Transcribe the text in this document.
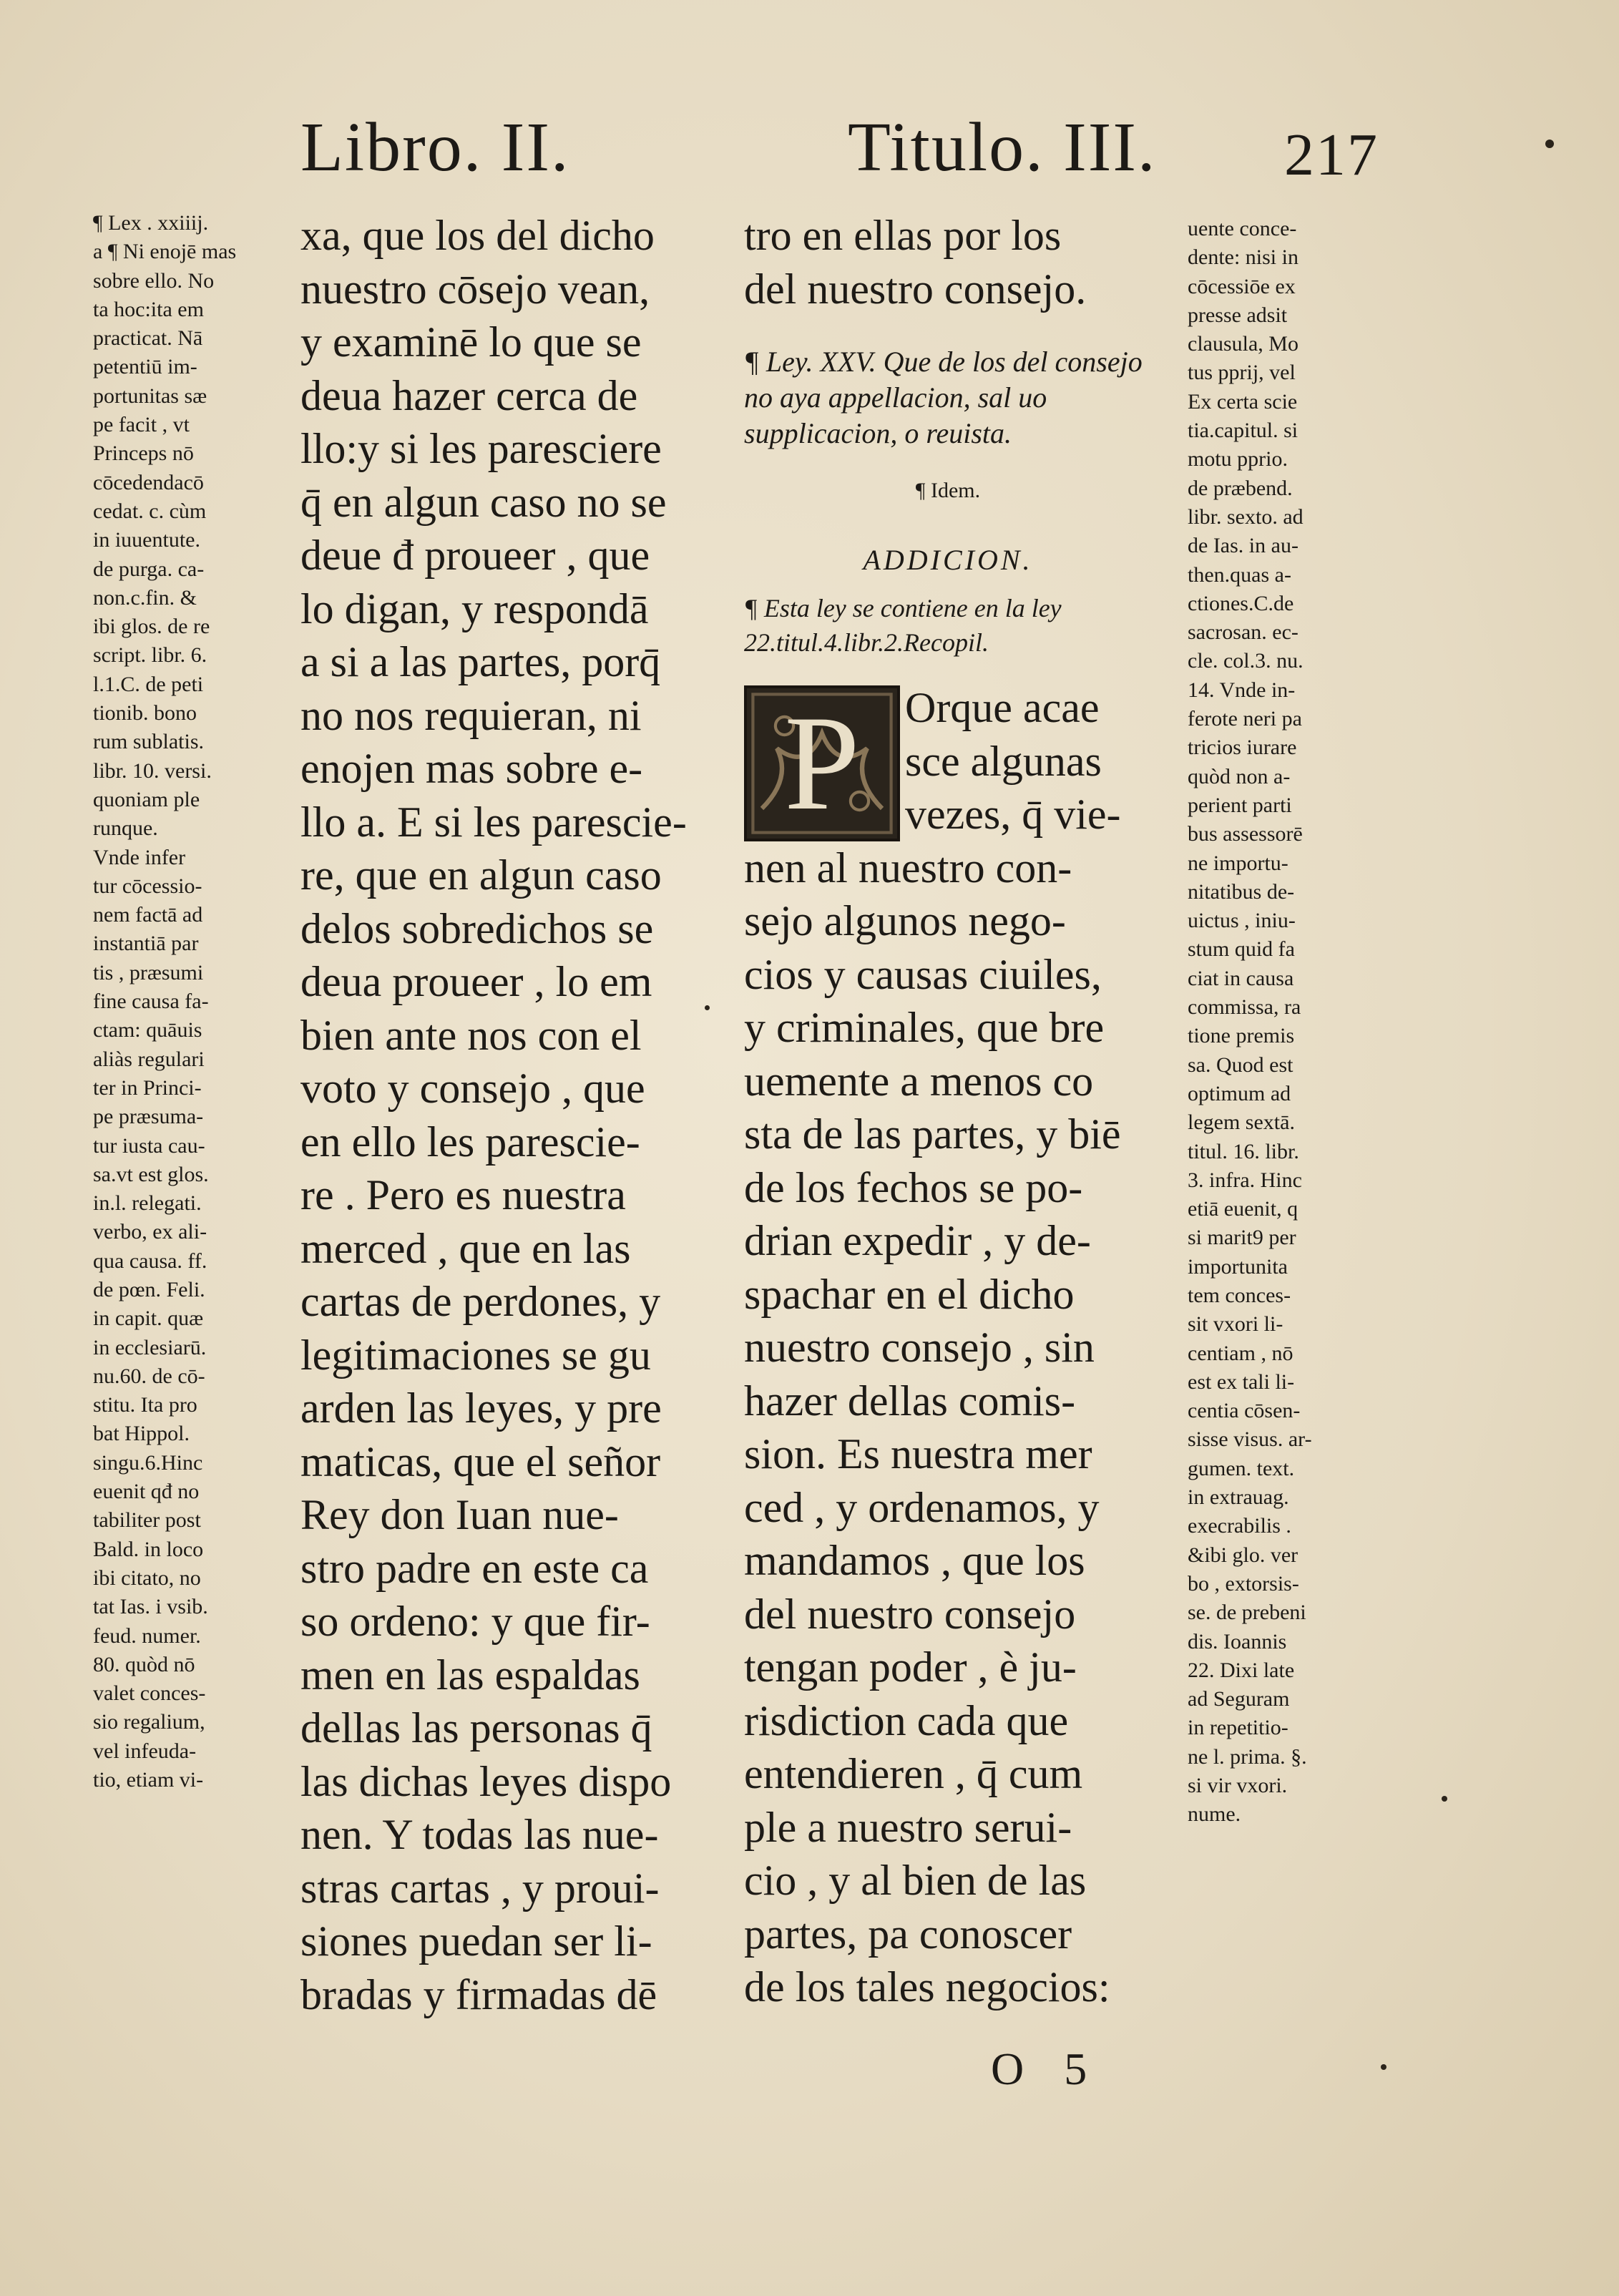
Libro. II.	Titulo. III. 217
¶ Lex . xxiiij.
a ¶ Ni enojē mas
sobre ello. No
ta hoc:ita em
practicat. Nā
petentiū im-
portunitas sæ
pe facit , vt
Princeps nō
cōcedendacō
cedat. c. cùm
in iuuentute.
de purga. ca-
non.c.fin. &
ibi glos. de re
script. libr. 6.
l.1.C. de peti
tionib. bono
rum sublatis.
libr. 10. versi.
quoniam ple
runque.
Vnde infer
tur cōcessio-
nem factā ad
instantiā par
tis , præsumi
fine causa fa-
ctam: quāuis
aliàs regulari
ter in Princi-
pe præsuma-
tur iusta cau-
sa.vt est glos.
in.l. relegati.
verbo, ex ali-
qua causa. ff.
de pœn. Feli.
in capit. quæ
in ecclesiarū.
nu.60. de cō-
stitu. Ita pro
bat Hippol.
singu.6.Hinc
euenit qđ no
tabiliter post
Bald. in loco
ibi citato, no
tat Ias. i vsib.
feud. numer.
80. quòd nō
valet conces-
sio regalium,
vel infeuda-
tio, etiam vi-
xa, que los del dicho
nuestro cōsejo vean,
y examinē lo que se
deua hazer cerca de
llo:y si les paresciere
q̄ en algun caso no se
deue đ proueer , que
lo digan, y respondā
a si a las partes, porq̄
no nos requieran, ni
enojen mas sobre e-
llo a. E si les parescie-
re, que en algun caso
delos sobredichos se
deua proueer , lo em
bien ante nos con el
voto y consejo , que
en ello les parescie-
re . Pero es nuestra
merced , que en las
cartas de perdones, y
legitimaciones se gu
arden las leyes, y pre
maticas, que el señor
Rey don Iuan nue-
stro padre en este ca
so ordeno: y que fir-
men en las espaldas
dellas las personas q̄
las dichas leyes dispo
nen. Y todas las nue-
stras cartas , y proui-
siones puedan ser li-
bradas y firmadas dē
tro en ellas por los
del nuestro consejo.
¶ Ley. XXV. Que de los del consejo no aya appellacion, sal uo supplicacion, o reuista.
¶ Idem.
ADDICION.
¶ Esta ley se contiene en la ley 22.titul.4.libr.2.Recopil.
P	Orque acae
sce algunas
vezes, q̄ vie-
nen al nuestro con-
sejo algunos nego-
cios y causas ciuiles,
y criminales, que bre
uemente a menos co
sta de las partes, y biē
de los fechos se po-
drian expedir , y de-
spachar en el dicho
nuestro consejo , sin
hazer dellas comis-
sion. Es nuestra mer
ced , y ordenamos, y
mandamos , que los
del nuestro consejo
tengan poder , è ju-
risdiction cada que
entendieren , q̄ cum
ple a nuestro serui-
cio , y al bien de las
partes, pa conoscer
de los tales negocios:
uente conce-
dente: nisi in
cōcessiōe ex
presse adsit
clausula, Mo
tus pprij, vel
Ex certa scie
tia.capitul. si
motu pprio.
de præbend.
libr. sexto. ad
de Ias. in au-
then.quas a-
ctiones.C.de
sacrosan. ec-
cle. col.3. nu.
14. Vnde in-
ferote neri pa
tricios iurare
quòd non a-
perient parti
bus assessorē
ne importu-
nitatibus de-
uictus , iniu-
stum quid fa
ciat in causa
commissa, ra
tione premis
sa. Quod est
optimum ad
legem sextā.
titul. 16. libr.
3. infra. Hinc
etiā euenit, q
si marit9 per
importunita
tem conces-
sit vxori li-
centiam , nō
est ex tali li-
centia cōsen-
sisse visus. ar-
gumen. text.
in extrauag.
execrabilis .
&ibi glo. ver
bo , extorsis-
se. de prebeni
dis. Ioannis
22. Dixi late
ad Seguram
in repetitio-
ne l. prima. §.
si vir vxori.
nume.
O 5
